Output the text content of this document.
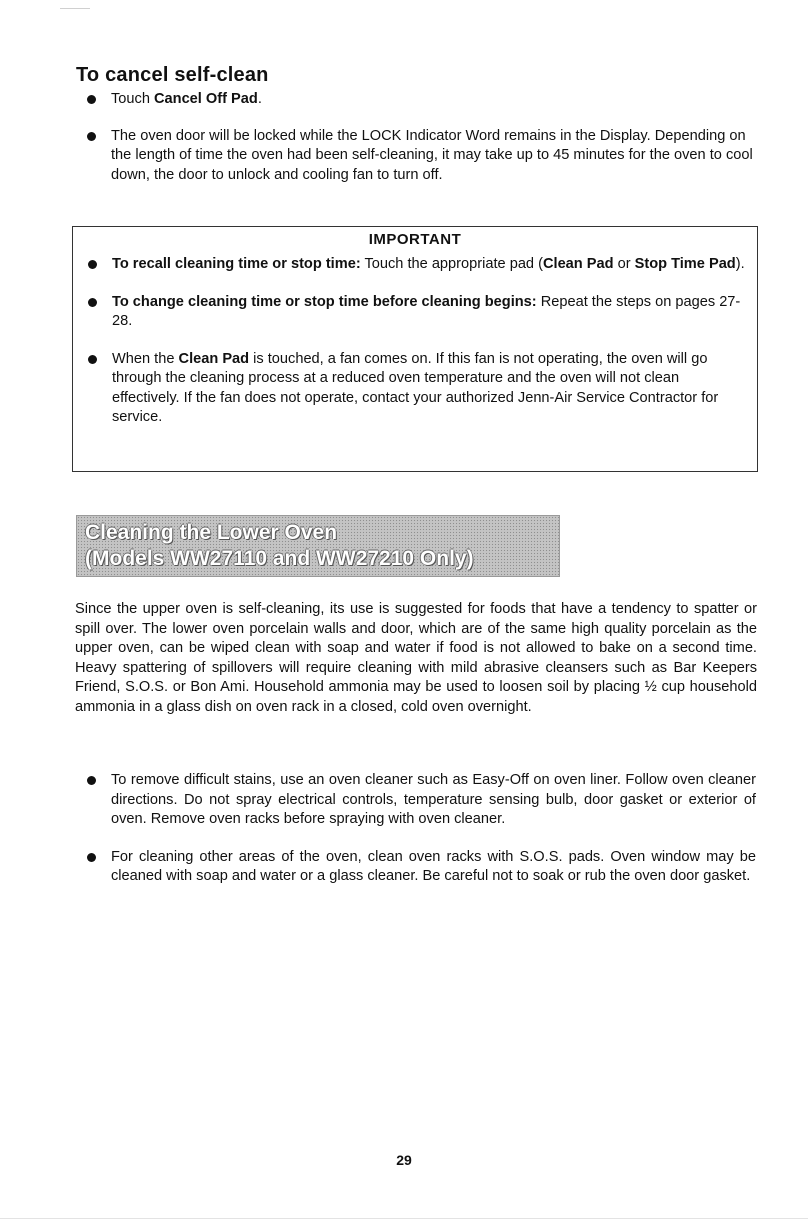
To cancel self-clean
Touch Cancel Off Pad.
The oven door will be locked while the LOCK Indicator Word remains in the Display. Depending on the length of time the oven had been self-cleaning, it may take up to 45 minutes for the oven to cool down, the door to unlock and cooling fan to turn off.
IMPORTANT
To recall cleaning time or stop time: Touch the appropriate pad (Clean Pad or Stop Time Pad).
To change cleaning time or stop time before cleaning begins: Repeat the steps on pages 27-28.
When the Clean Pad is touched, a fan comes on. If this fan is not operating, the oven will go through the cleaning process at a reduced oven temperature and the oven will not clean effectively. If the fan does not operate, contact your authorized Jenn-Air Service Contractor for service.
Cleaning the Lower Oven
(Models WW27110 and WW27210 Only)

Since the upper oven is self-cleaning, its use is suggested for foods that have a tendency to spatter or spill over. The lower oven porcelain walls and door, which are of the same high quality porcelain as the upper oven, can be wiped clean with soap and water if food is not allowed to bake on a second time. Heavy spattering of spillovers will require cleaning with mild abrasive cleansers such as Bar Keepers Friend, S.O.S. or Bon Ami. Household ammonia may be used to loosen soil by placing ½ cup household ammonia in a glass dish on oven rack in a closed, cold oven overnight.

To remove difficult stains, use an oven cleaner such as Easy-Off on oven liner. Follow oven cleaner directions. Do not spray electrical controls, temperature sensing bulb, door gasket or exterior of oven. Remove oven racks before spraying with oven cleaner.
For cleaning other areas of the oven, clean oven racks with S.O.S. pads. Oven window may be cleaned with soap and water or a glass cleaner. Be careful not to soak or rub the oven door gasket.

29
